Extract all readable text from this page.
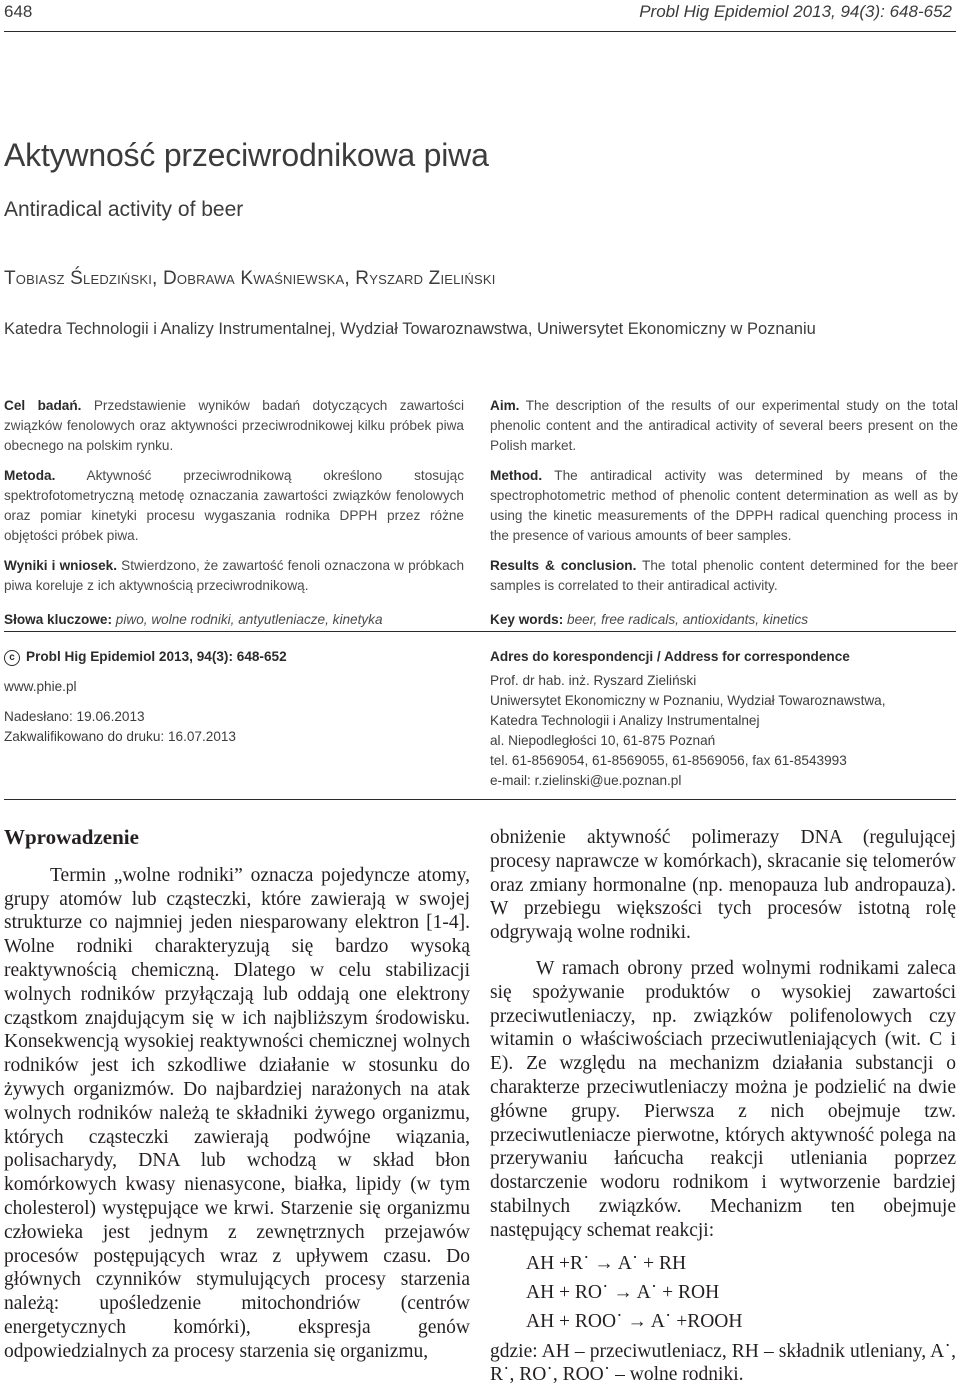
648	Probl Hig Epidemiol 2013, 94(3): 648-652
Aktywność przeciwrodnikowa piwa
Antiradical activity of beer
Tobiasz Śledziński, Dobrawa Kwaśniewska, Ryszard Zieliński
Katedra Technologii i Analizy Instrumentalnej, Wydział Towaroznawstwa, Uniwersytet Ekonomiczny w Poznaniu

Cel badań. Przedstawienie wyników badań dotyczących zawartości związków fenolowych oraz aktywności przeciwrodnikowej kilku próbek piwa obecnego na polskim rynku.

Metoda. Aktywność przeciwrodnikową określono stosując spektrofotometryczną metodę oznaczania zawartości związków fenolowych oraz pomiar kinetyki procesu wygaszania rodnika DPPH przez różne objętości próbek piwa.

Wyniki i wniosek. Stwierdzono, że zawartość fenoli oznaczona w próbkach piwa koreluje z ich aktywnością przeciwrodnikową.

Słowa kluczowe: piwo, wolne rodniki, antyutleniacze, kinetyka

Aim. The description of the results of our experimental study on the total phenolic content and the antiradical activity of several beers present on the Polish market.

Method. The antiradical activity was determined by means of the spectrophotometric method of phenolic content determination as well as by using the kinetic measurements of the DPPH radical quenching process in the presence of various amounts of beer samples.

Results & conclusion. The total phenolic content determined for the beer samples is correlated to their antiradical activity.

Key words: beer, free radicals, antioxidants, kinetics

c Probl Hig Epidemiol 2013, 94(3): 648-652
www.phie.pl
Nadesłano: 19.06.2013
Zakwalifikowano do druku: 16.07.2013
Adres do korespondencji / Address for correspondence
Prof. dr hab. inż. Ryszard Zieliński
Uniwersytet Ekonomiczny w Poznaniu, Wydział Towaroznawstwa,
Katedra Technologii i Analizy Instrumentalnej
al. Niepodległości 10, 61-875 Poznań
tel. 61-8569054, 61-8569055, 61-8569056, fax 61-8543993
e-mail: r.zielinski@ue.poznan.pl
Wprowadzenie

Termin „wolne rodniki” oznacza pojedyncze atomy, grupy atomów lub cząsteczki, które zawierają w swojej strukturze co najmniej jeden niesparowany elektron [1-4]. Wolne rodniki charakteryzują się bardzo wysoką reaktywnością chemiczną. Dlatego w celu stabilizacji wolnych rodników przyłączają lub oddają one elektrony cząstkom znajdującym się w ich najbliższym środowisku. Konsekwencją wysokiej reaktywności chemicznej wolnych rodników jest ich szkodliwe działanie w stosunku do żywych organizmów. Do najbardziej narażonych na atak wolnych rodników należą te składniki żywego organizmu, których cząsteczki zawierają podwójne wiązania, polisacharydy, DNA lub wchodzą w skład błon komórkowych kwasy nienasycone, białka, lipidy (w tym cholesterol) występujące we krwi. Starzenie się organizmu człowieka jest jednym z zewnętrznych przejawów procesów postępujących wraz z upływem czasu. Do głównych czynników stymulujących procesy starzenia należą: upośledzenie mitochondriów (centrów energetycznych komórki), ekspresja genów odpowiedzialnych za procesy starzenia się organizmu,

obniżenie aktywność polimerazy DNA (regulującej procesy naprawcze w komórkach), skracanie się telomerów oraz zmiany hormonalne (np. menopauza lub andropauza). W przebiegu większości tych procesów istotną rolę odgrywają wolne rodniki.

W ramach obrony przed wolnymi rodnikami zaleca się spożywanie produktów o wysokiej zawartości przeciwutleniaczy, np. związków polifenolowych czy witamin o właściwościach przeciwutleniających (wit. C i E). Ze względu na mechanizm działania substancji o charakterze przeciwutleniaczy można je podzielić na dwie główne grupy. Pierwsza z nich obejmuje tzw. przeciwutleniacze pierwotne, których aktywność polega na przerywaniu łańcucha reakcji utleniania poprzez dostarczenie wodoru rodnikom i wytworzenie bardziej stabilnych związków. Mechanizm ten obejmuje następujący schemat reakcji:

AH +R˙ → A˙ + RH
AH + RO˙ → A˙ + ROH
AH + ROO˙ → A˙ +ROOH

gdzie: AH – przeciwutleniacz, RH – składnik utleniany, A˙, R˙, RO˙, ROO˙ – wolne rodniki.
